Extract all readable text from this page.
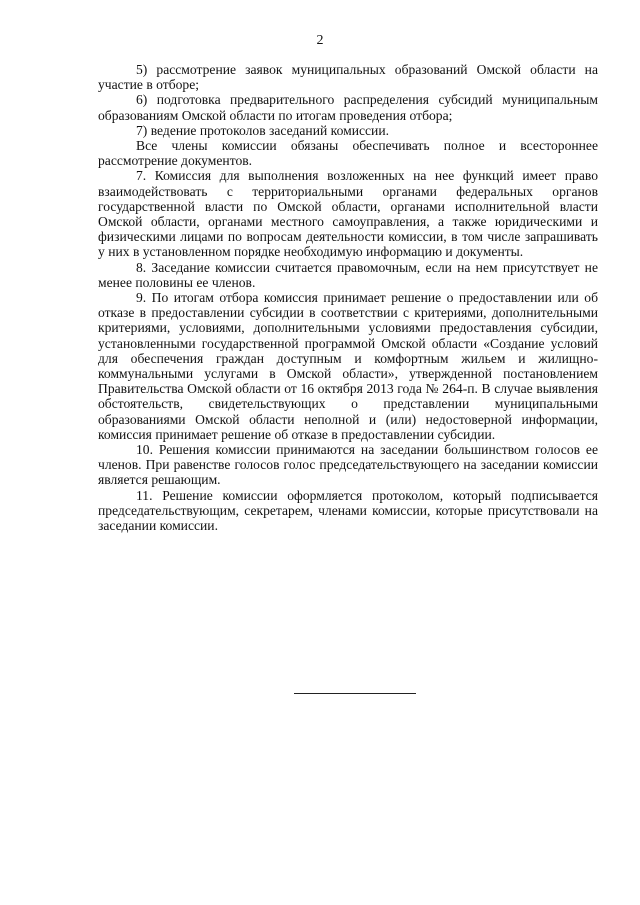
2

5) рассмотрение заявок муниципальных образований Омской области на участие в отборе;

6) подготовка предварительного распределения субсидий муниципальным образованиям Омской области по итогам проведения отбора;

7) ведение протоколов заседаний комиссии.

Все члены комиссии обязаны обеспечивать полное и всестороннее рассмотрение документов.

7. Комиссия для выполнения возложенных на нее функций имеет право взаимодействовать с территориальными органами федеральных органов государственной власти по Омской области, органами исполнительной власти Омской области, органами местного самоуправления, а также юридическими и физическими лицами по вопросам деятельности комиссии, в том числе запрашивать у них в установленном порядке необходимую информацию и документы.

8. Заседание комиссии считается правомочным, если на нем присутствует не менее половины ее членов.

9. По итогам отбора комиссия принимает решение о предоставлении или об отказе в предоставлении субсидии в соответствии с критериями, дополнительными критериями, условиями, дополнительными условиями предоставления субсидии, установленными государственной программой Омской области «Создание условий для обеспечения граждан доступным и комфортным жильем и жилищно-коммунальными услугами в Омской области», утвержденной постановлением Правительства Омской области от 16 октября 2013 года № 264-п. В случае выявления обстоятельств, свидетельствующих о представлении муниципальными образованиями Омской области неполной и (или) недостоверной информации, комиссия принимает решение об отказе в предоставлении субсидии.

10. Решения комиссии принимаются на заседании большинством голосов ее членов. При равенстве голосов голос председательствующего на заседании комиссии является решающим.

11. Решение комиссии оформляется протоколом, который подписывается председательствующим, секретарем, членами комиссии, которые присутствовали на заседании комиссии.
